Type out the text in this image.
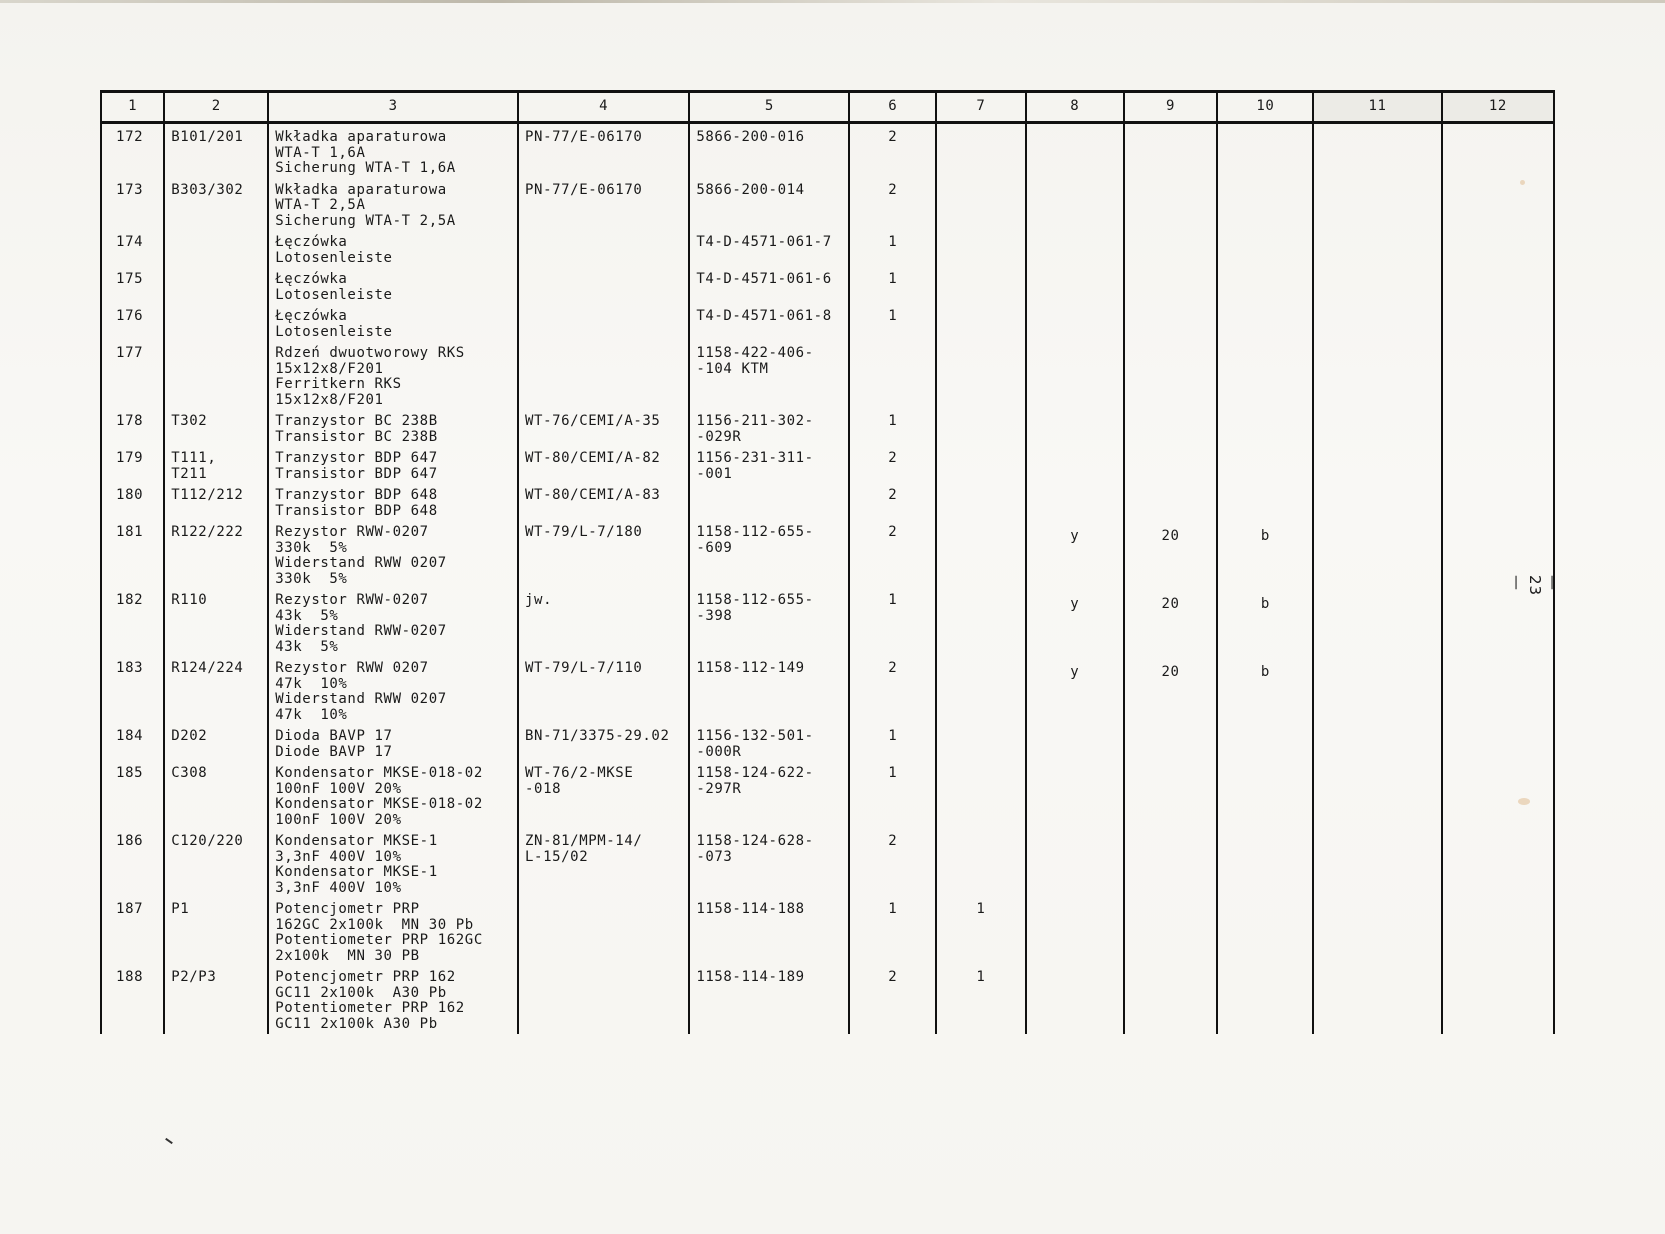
1	2	3	4	5	6	7	8	9	10	11	12
172	B101/201	Wkładka aparaturowa
WTA-T 1,6A
Sicherung WTA-T 1,6A	PN-77/E-06170	5866-200-016	2						
173	B303/302	Wkładka aparaturowa
WTA-T 2,5A
Sicherung WTA-T 2,5A	PN-77/E-06170	5866-200-014	2						
174		Łęczówka
Lotosenleiste		T4-D-4571-061-7	1						
175		Łęczówka
Lotosenleiste		T4-D-4571-061-6	1						
176		Łęczówka
Lotosenleiste		T4-D-4571-061-8	1						
177		Rdzeń dwuotworowy RKS
15x12x8/F201
Ferritkern RKS
15x12x8/F201		1158-422-406-
-104 KTM							
178	T302	Tranzystor BC 238B
Transistor BC 238B	WT-76/CEMI/A-35	1156-211-302-
-029R	1						
179	T111,
T211	Tranzystor BDP 647
Transistor BDP 647	WT-80/CEMI/A-82	1156-231-311-
-001	2						
180	T112/212	Tranzystor BDP 648
Transistor BDP 648	WT-80/CEMI/A-83		2						
181	R122/222	Rezystor RWW-0207
330k  5%
Widerstand RWW 0207
330k  5%	WT-79/L-7/180	1158-112-655-
-609	2		y	20	b		
182	R110	Rezystor RWW-0207
43k  5%
Widerstand RWW-0207
43k  5%	jw.	1158-112-655-
-398	1		y	20	b		
183	R124/224	Rezystor RWW 0207
47k  10%
Widerstand RWW 0207
47k  10%	WT-79/L-7/110	1158-112-149	2		y	20	b		
184	D202	Dioda BAVP 17
Diode BAVP 17	BN-71/3375-29.02	1156-132-501-
-000R	1						
185	C308	Kondensator MKSE-018-02
100nF 100V 20%
Kondensator MKSE-018-02
100nF 100V 20%	WT-76/2-MKSE
-018	1158-124-622-
-297R	1						
186	C120/220	Kondensator MKSE-1
3,3nF 400V 10%
Kondensator MKSE-1
3,3nF 400V 10%	ZN-81/MPM-14/
L-15/02	1158-124-628-
-073	2						
187	P1	Potencjometr PRP
162GC 2x100k  MN 30 Pb
Potentiometer PRP 162GC
2x100k  MN 30 PB		1158-114-188	1	1					
188	P2/P3	Potencjometr PRP 162
GC11 2x100k  A30 Pb
Potentiometer PRP 162
GC11 2x100k A30 Pb		1158-114-189	2	1					
— 23 —
